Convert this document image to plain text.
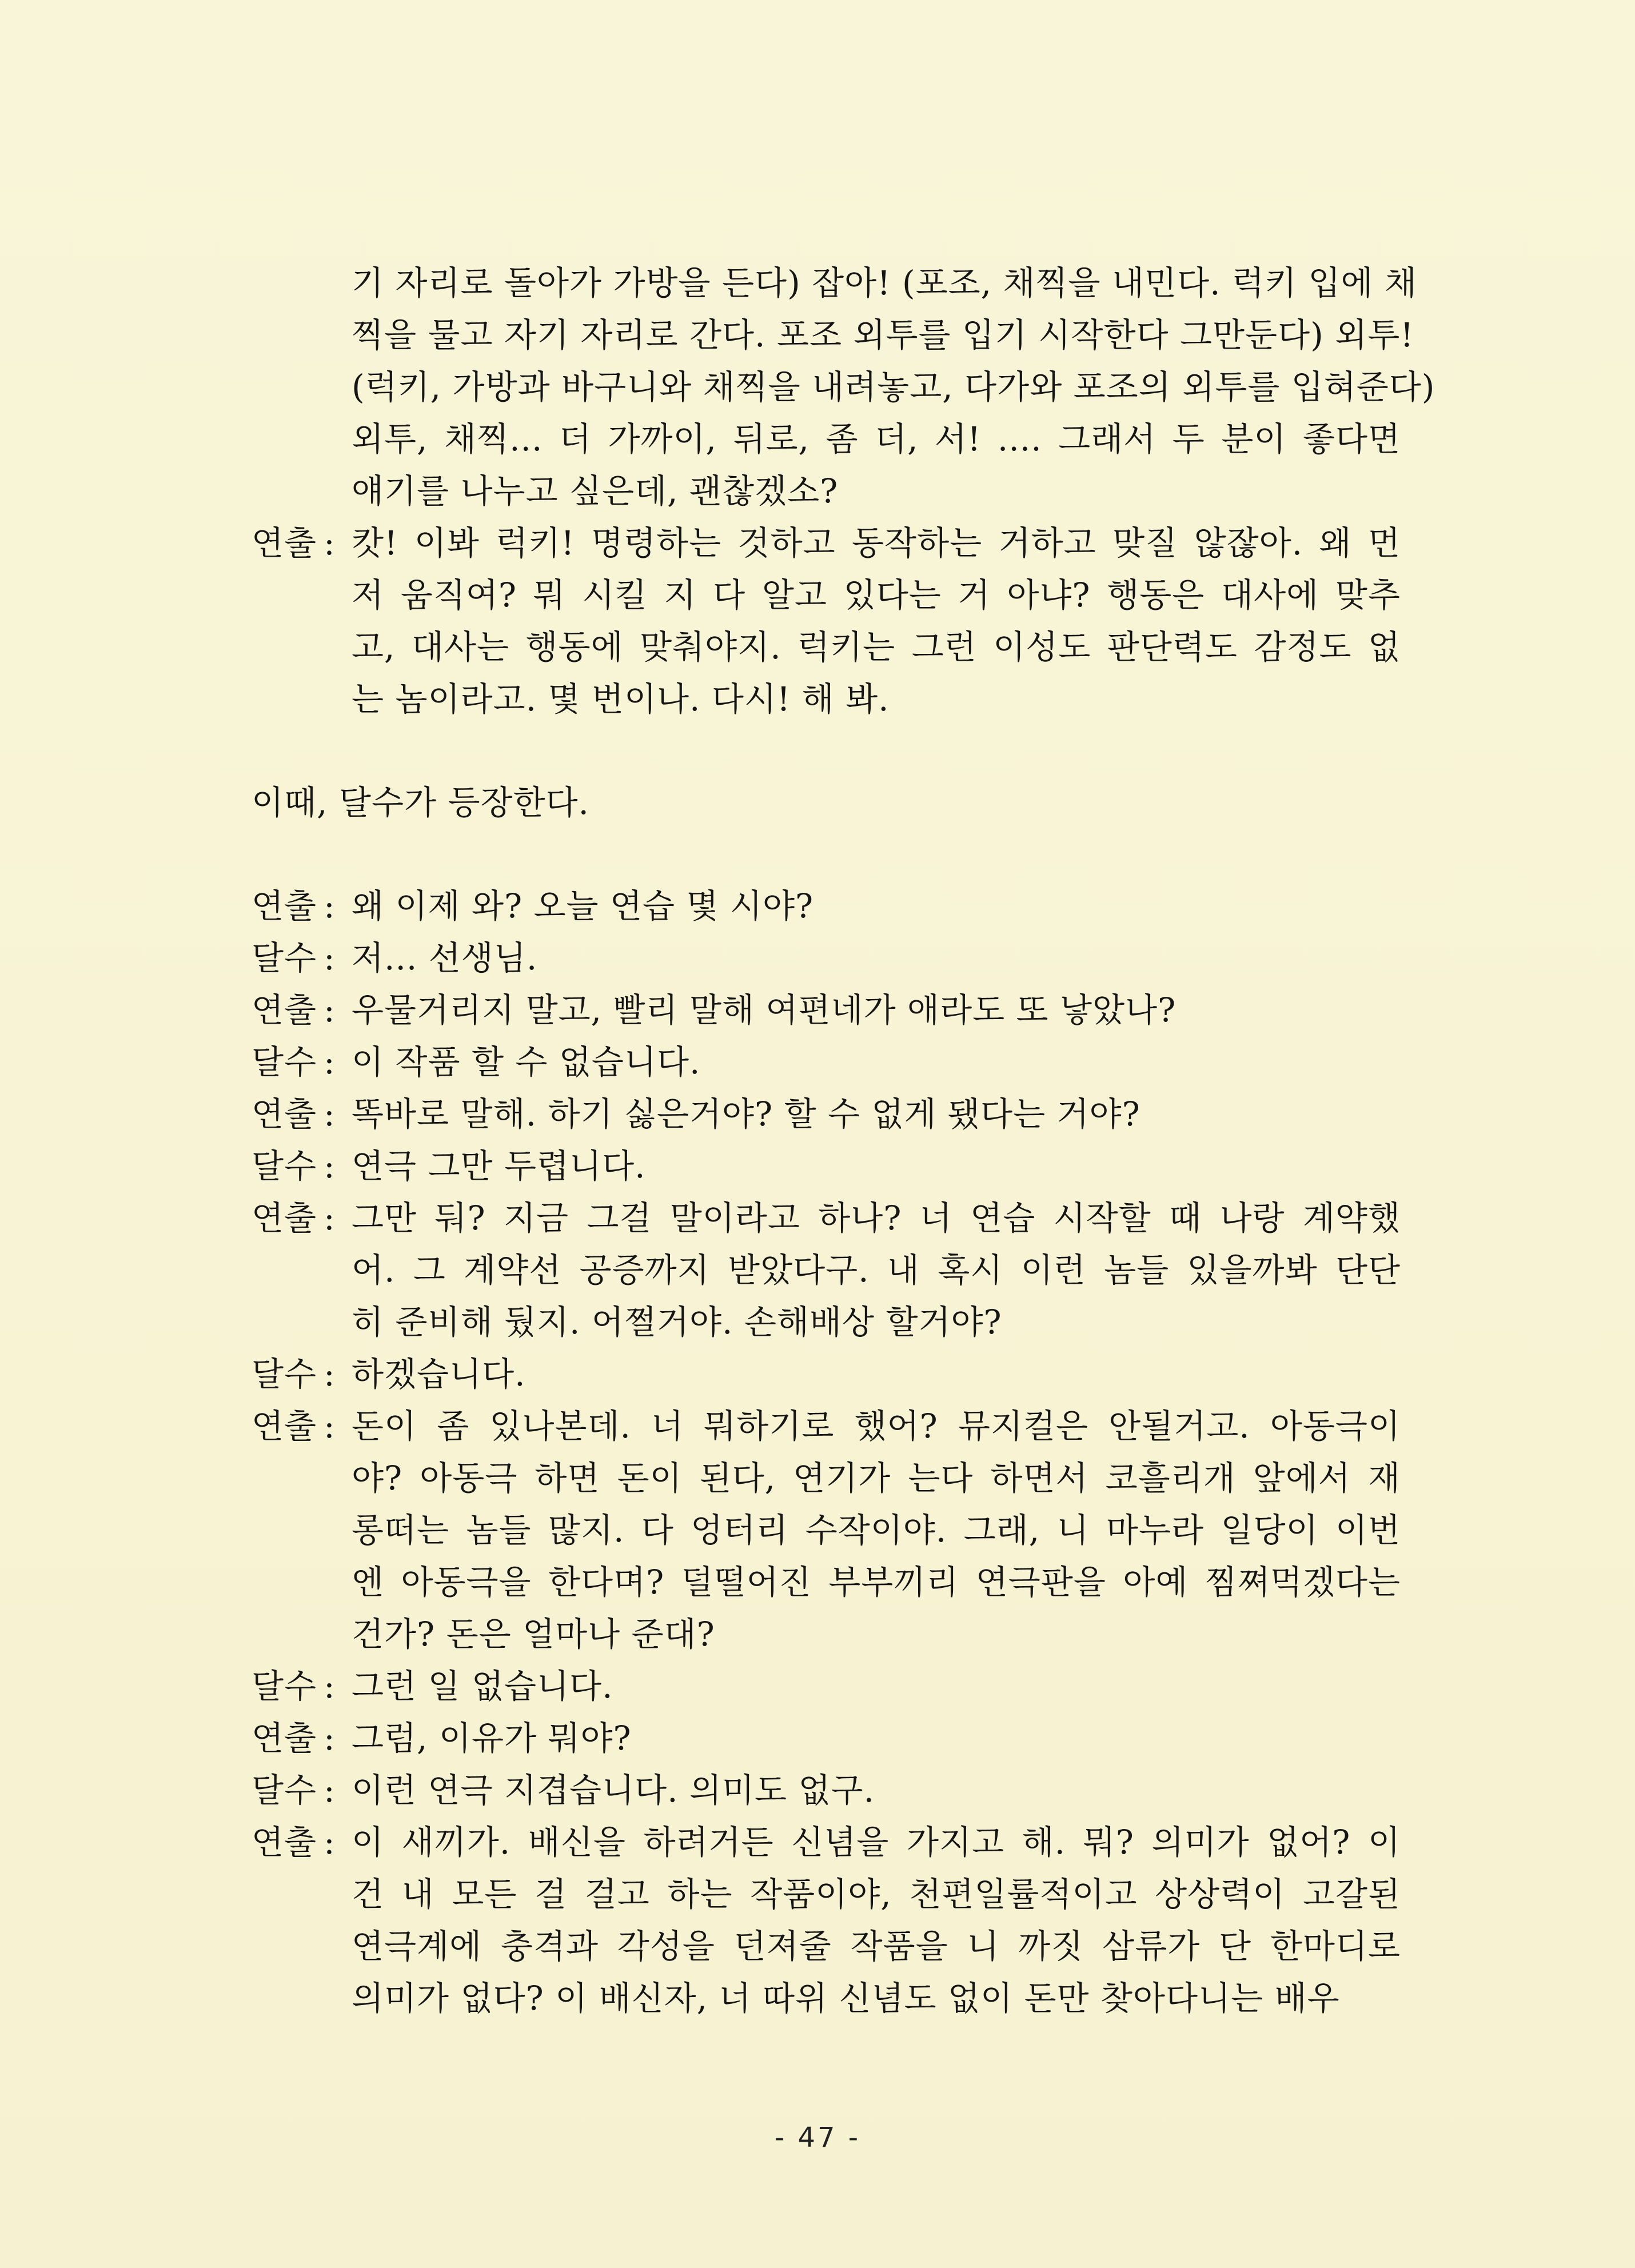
기 자리로 돌아가 가방을 든다) 잡아! (포조, 채찍을 내민다. 럭키 입에 채
찍을 물고 자기 자리로 간다. 포조 외투를 입기 시작한다 그만둔다) 외투!
(럭키, 가방과 바구니와 채찍을 내려놓고, 다가와 포조의 외투를 입혀준다)
외투, 채찍... 더 가까이, 뒤로, 좀 더, 서! .... 그래서 두 분이 좋다면
얘기를 나누고 싶은데, 괜찮겠소?
연출 : 캇! 이봐 럭키! 명령하는 것하고 동작하는 거하고 맞질 않잖아. 왜 먼
저 움직여? 뭐 시킬 지 다 알고 있다는 거 아냐? 행동은 대사에 맞추
고, 대사는 행동에 맞춰야지. 럭키는 그런 이성도 판단력도 감정도 없
는 놈이라고. 몇 번이나. 다시! 해 봐.
이때, 달수가 등장한다.
연출 : 왜 이제 와? 오늘 연습 몇 시야?
달수 : 저... 선생님.
연출 : 우물거리지 말고, 빨리 말해 여편네가 애라도 또 낳았나?
달수 : 이 작품 할 수 없습니다.
연출 : 똑바로 말해. 하기 싫은거야? 할 수 없게 됐다는 거야?
달수 : 연극 그만 두렵니다.
연출 : 그만 둬? 지금 그걸 말이라고 하나? 너 연습 시작할 때 나랑 계약했
어. 그 계약선 공증까지 받았다구. 내 혹시 이런 놈들 있을까봐 단단
히 준비해 뒀지. 어쩔거야. 손해배상 할거야?
달수 : 하겠습니다.
연출 : 돈이 좀 있나본데. 너 뭐하기로 했어? 뮤지컬은 안될거고. 아동극이
야? 아동극 하면 돈이 된다, 연기가 는다 하면서 코흘리개 앞에서 재
롱떠는 놈들 많지. 다 엉터리 수작이야. 그래, 니 마누라 일당이 이번
엔 아동극을 한다며? 덜떨어진 부부끼리 연극판을 아예 찜쪄먹겠다는
건가? 돈은 얼마나 준대?
달수 : 그런 일 없습니다.
연출 : 그럼, 이유가 뭐야?
달수 : 이런 연극 지겹습니다. 의미도 없구.
연출 : 이 새끼가. 배신을 하려거든 신념을 가지고 해. 뭐? 의미가 없어? 이
건 내 모든 걸 걸고 하는 작품이야, 천편일률적이고 상상력이 고갈된
연극계에 충격과 각성을 던져줄 작품을 니 까짓 삼류가 단 한마디로
의미가 없다? 이 배신자, 너 따위 신념도 없이 돈만 찾아다니는 배우
- 47 -
